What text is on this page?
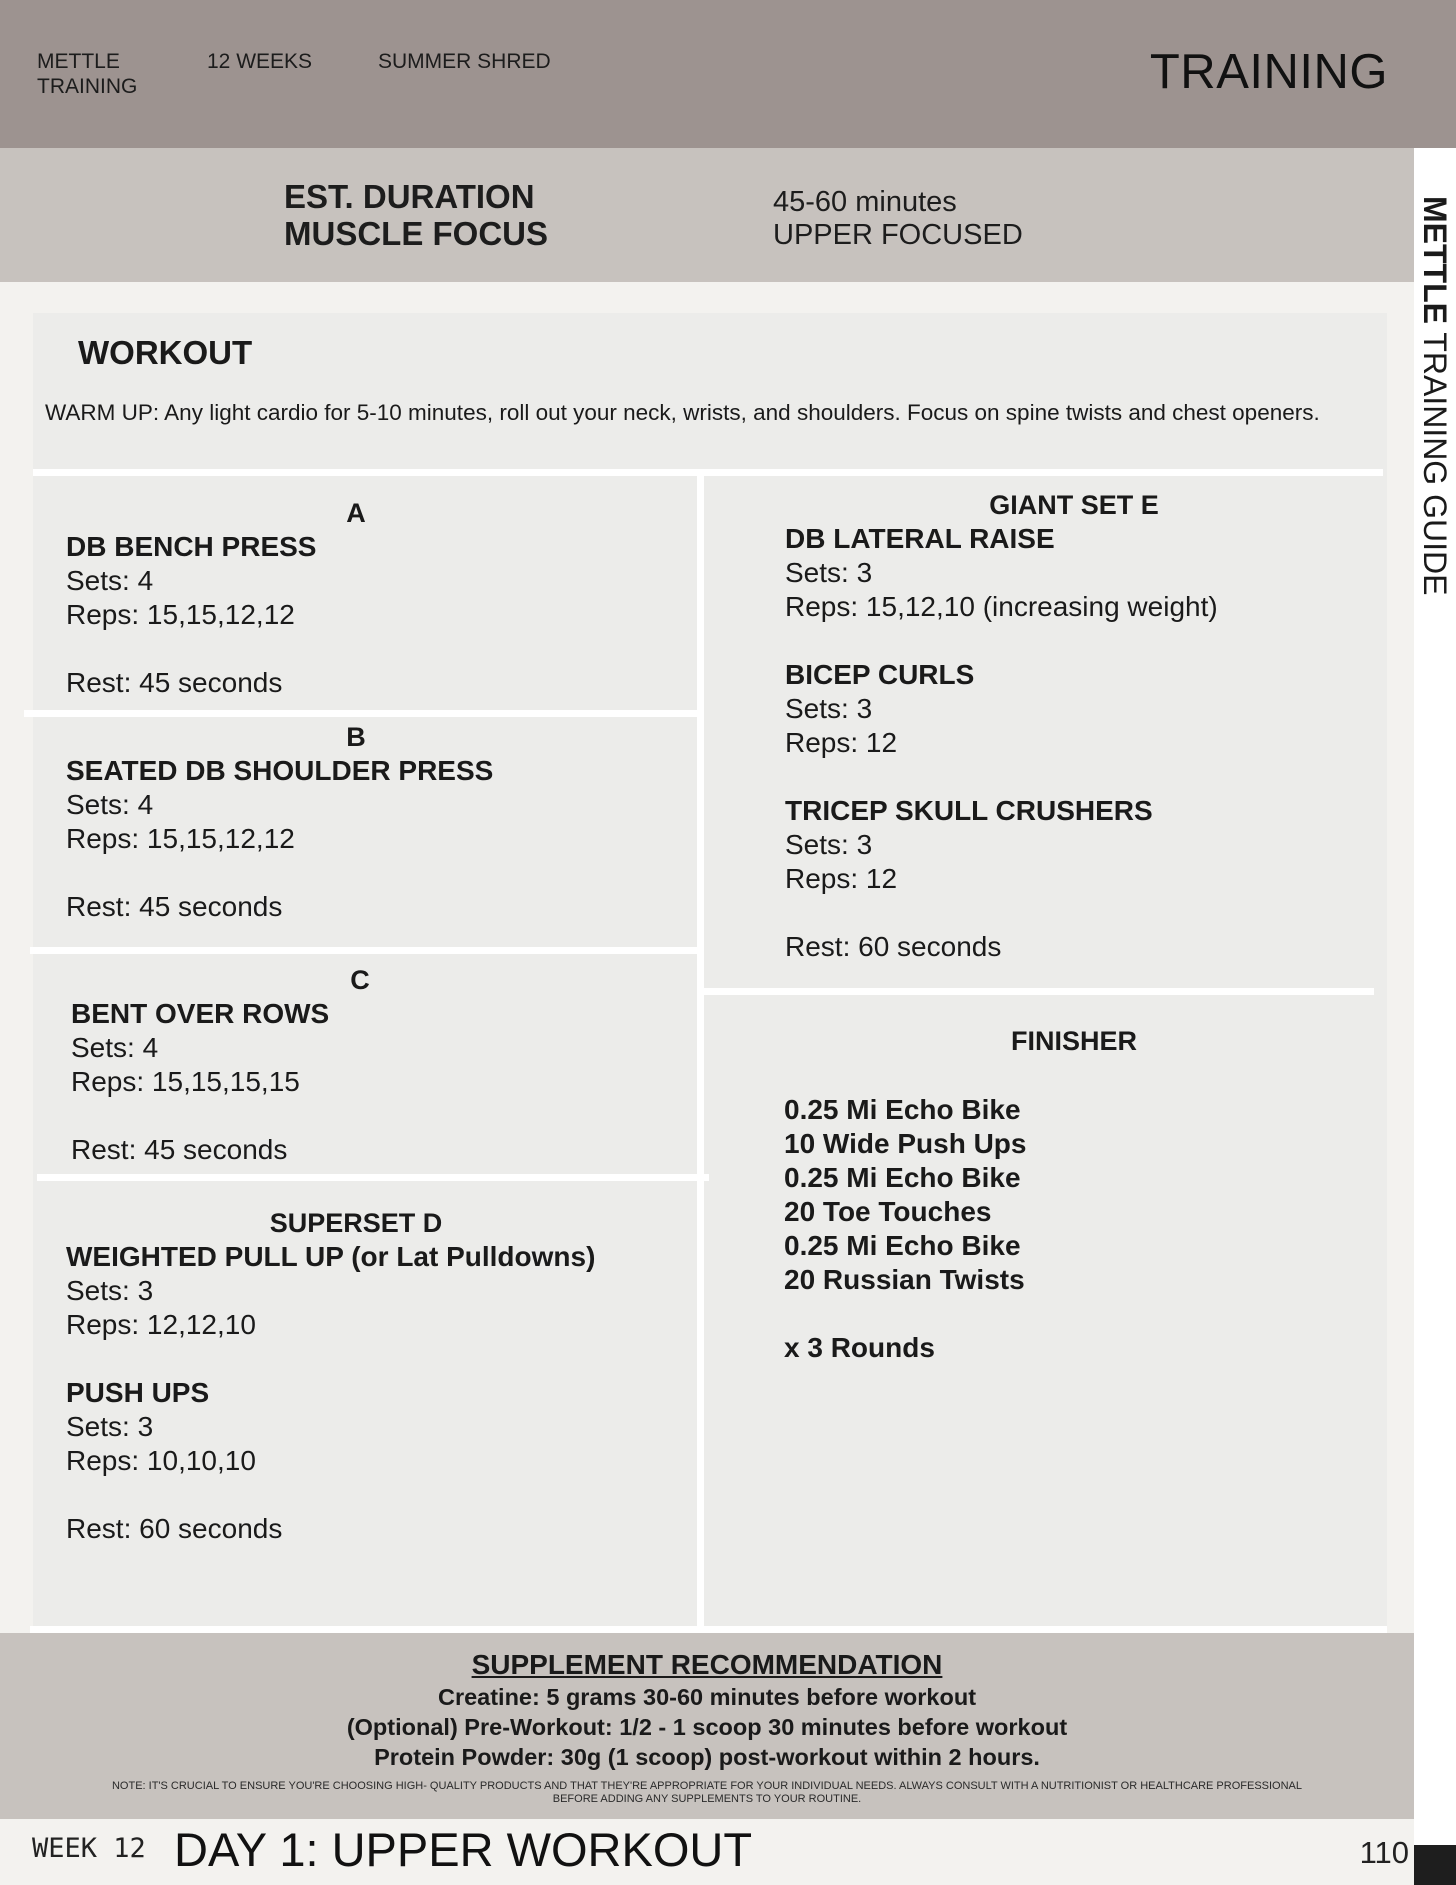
METTLE TRAINING
12 WEEKS	SUMMER SHRED	TRAINING
METTLE TRAINING GUIDE
EST. DURATION
MUSCLE FOCUS
45-60 minutes
UPPER FOCUSED
WORKOUT
WARM UP: Any light cardio for 5-10 minutes, roll out your neck, wrists, and shoulders. Focus on spine twists and chest openers.
A
DB BENCH PRESS
Sets: 4
Reps: 15,15,12,12
Rest: 45 seconds
B
SEATED DB SHOULDER PRESS
Sets: 4
Reps: 15,15,12,12
Rest: 45 seconds
C
BENT OVER ROWS
Sets: 4
Reps: 15,15,15,15
Rest: 45 seconds
SUPERSET D
WEIGHTED PULL UP (or Lat Pulldowns)
Sets: 3
Reps: 12,12,10
PUSH UPS
Sets: 3
Reps: 10,10,10
Rest: 60 seconds
GIANT SET E
DB LATERAL RAISE
Sets: 3
Reps: 15,12,10 (increasing weight)
BICEP CURLS
Sets: 3
Reps: 12
TRICEP SKULL CRUSHERS
Sets: 3
Reps: 12
Rest: 60 seconds
FINISHER
0.25 Mi Echo Bike
10 Wide Push Ups
0.25 Mi Echo Bike
20 Toe Touches
0.25 Mi Echo Bike
20 Russian Twists
x 3 Rounds
SUPPLEMENT RECOMMENDATION
Creatine: 5 grams 30-60 minutes before workout
(Optional) Pre-Workout: 1/2 - 1 scoop 30 minutes before workout
Protein Powder: 30g (1 scoop) post-workout within 2 hours.
NOTE: IT'S CRUCIAL TO ENSURE YOU'RE CHOOSING HIGH- QUALITY PRODUCTS AND THAT THEY'RE APPROPRIATE FOR YOUR INDIVIDUAL NEEDS. ALWAYS CONSULT WITH A NUTRITIONIST OR HEALTHCARE PROFESSIONAL BEFORE ADDING ANY SUPPLEMENTS TO YOUR ROUTINE.
WEEK 12 DAY 1: UPPER WORKOUT	110
